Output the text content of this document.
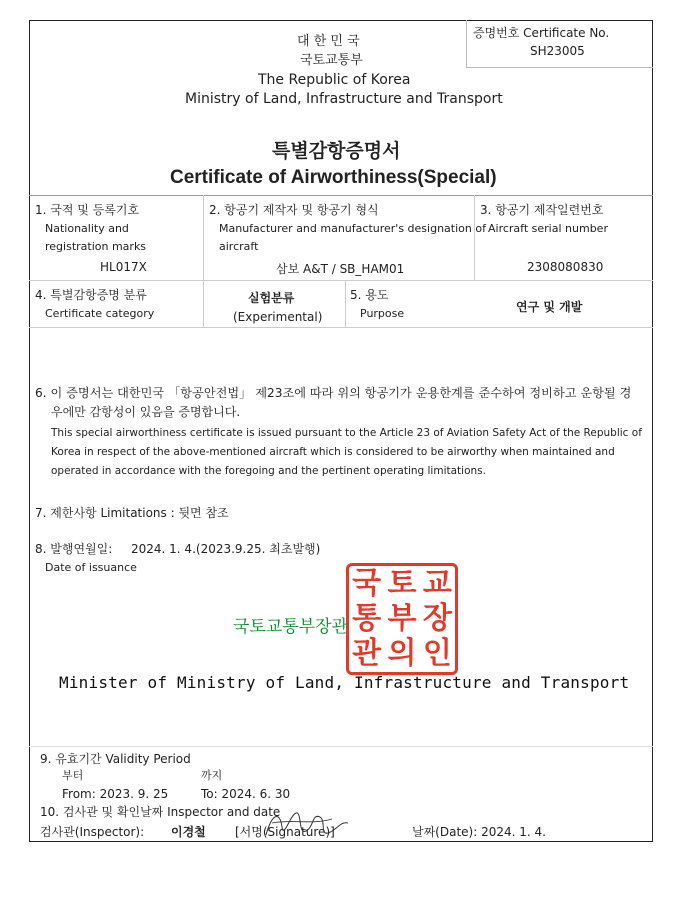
대 한 민 국
국토교통부
증명번호 Certificate No.
SH23005
The Republic of Korea
Ministry of Land, Infrastructure and Transport
특별감항증명서
Certificate of Airworthiness(Special)
1. 국적 및 등록기호
Nationality and
registration marks
HL017X
2. 항공기 제작자 및 항공기 형식
Manufacturer and manufacturer's designation of
aircraft
삼보 A&T / SB_HAM01
3. 항공기 제작일련번호
Aircraft serial number
2308080830
4. 특별감항증명 분류
Certificate category
실험분류
(Experimental)
5. 용도
Purpose	연구 및 개발
6. 이 증명서는 대한민국 「항공안전법」 제23조에 따라 위의 항공기가 운용한계를 준수하여 정비하고 운항될 경
우에만 감항성이 있음을 증명합니다.
This special airworthiness certificate is issued pursuant to the Article 23 of Aviation Safety Act of the Republic of
Korea in respect of the above-mentioned aircraft which is considered to be airworthy when maintained and
operated in accordance with the foregoing and the pertinent operating limitations.
7. 제한사항 Limitations : 뒷면 참조
8. 발행연월일: 2024. 1. 4.(2023.9.25. 최초발행)
Date of issuance	국 토 교
통 부 장
관 의 인
국토교통부장관
Minister of Ministry of Land, Infrastructure and Transport
9. 유효기간 Validity Period
부터	까지
From: 2023. 9. 25	To: 2024. 6. 30
10. 검사관 및 확인날짜 Inspector and date
검사관(Inspector): 이경철 [서명(Signature)]	날짜(Date): 2024. 1. 4.
